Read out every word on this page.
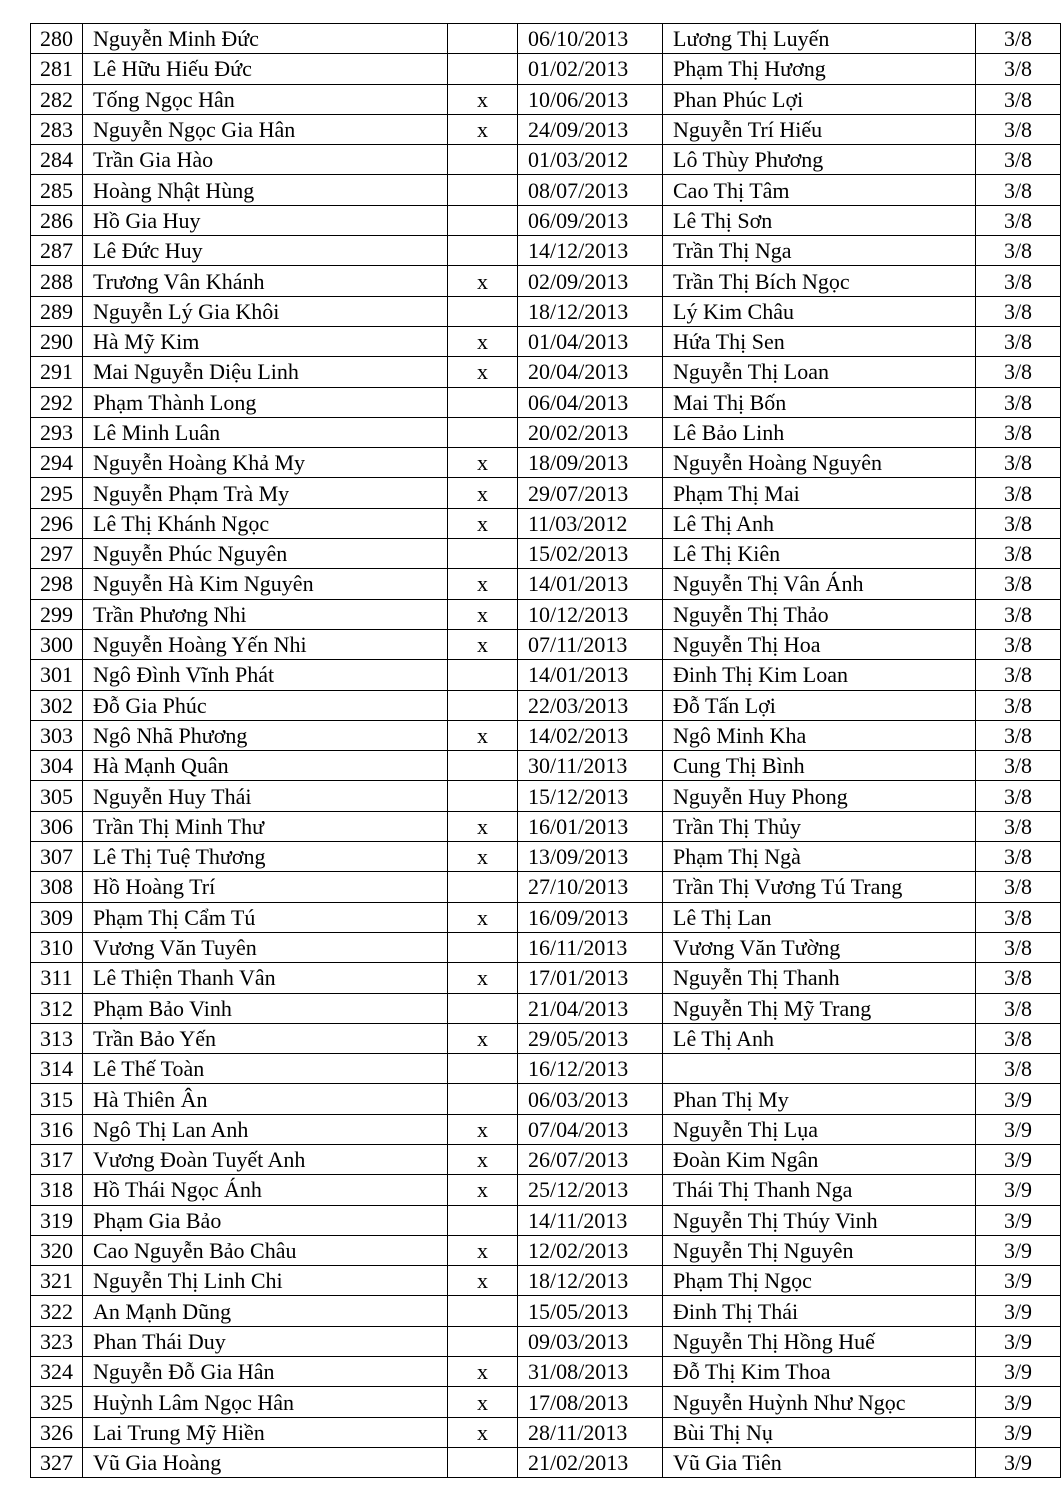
280	Nguyễn Minh Đức		06/10/2013	Lương Thị Luyến	3/8
281	Lê Hữu Hiếu Đức		01/02/2013	Phạm Thị Hương	3/8
282	Tống Ngọc Hân	x	10/06/2013	Phan Phúc Lợi	3/8
283	Nguyễn Ngọc Gia Hân	x	24/09/2013	Nguyễn Trí Hiếu	3/8
284	Trần Gia Hào		01/03/2012	Lô Thùy Phương	3/8
285	Hoàng Nhật Hùng		08/07/2013	Cao Thị Tâm	3/8
286	Hồ Gia Huy		06/09/2013	Lê Thị Sơn	3/8
287	Lê Đức Huy		14/12/2013	Trần Thị Nga	3/8
288	Trương Vân Khánh	x	02/09/2013	Trần Thị Bích Ngọc	3/8
289	Nguyễn Lý Gia Khôi		18/12/2013	Lý Kim Châu	3/8
290	Hà Mỹ Kim	x	01/04/2013	Hứa Thị Sen	3/8
291	Mai Nguyễn Diệu Linh	x	20/04/2013	Nguyễn Thị Loan	3/8
292	Phạm Thành Long		06/04/2013	Mai Thị Bốn	3/8
293	Lê Minh Luân		20/02/2013	Lê Bảo Linh	3/8
294	Nguyễn Hoàng Khả My	x	18/09/2013	Nguyễn Hoàng Nguyên	3/8
295	Nguyễn Phạm Trà My	x	29/07/2013	Phạm Thị Mai	3/8
296	Lê Thị Khánh Ngọc	x	11/03/2012	Lê Thị Anh	3/8
297	Nguyễn Phúc Nguyên		15/02/2013	Lê Thị Kiên	3/8
298	Nguyễn Hà Kim Nguyên	x	14/01/2013	Nguyễn Thị Vân Ánh	3/8
299	Trần Phương Nhi	x	10/12/2013	Nguyễn Thị Thảo	3/8
300	Nguyễn Hoàng Yến Nhi	x	07/11/2013	Nguyễn Thị Hoa	3/8
301	Ngô Đình Vĩnh Phát		14/01/2013	Đinh Thị Kim Loan	3/8
302	Đỗ Gia Phúc		22/03/2013	Đỗ Tấn Lợi	3/8
303	Ngô Nhã Phương	x	14/02/2013	Ngô Minh Kha	3/8
304	Hà Mạnh Quân		30/11/2013	Cung Thị Bình	3/8
305	Nguyễn Huy Thái		15/12/2013	Nguyễn Huy Phong	3/8
306	Trần Thị Minh Thư	x	16/01/2013	Trần Thị Thủy	3/8
307	Lê Thị Tuệ Thương	x	13/09/2013	Phạm Thị Ngà	3/8
308	Hồ Hoàng Trí		27/10/2013	Trần Thị Vương Tú Trang	3/8
309	Phạm Thị Cẩm Tú	x	16/09/2013	Lê Thị Lan	3/8
310	Vương Văn Tuyên		16/11/2013	Vương Văn Tường	3/8
311	Lê Thiện Thanh Vân	x	17/01/2013	Nguyễn Thị Thanh	3/8
312	Phạm Bảo Vinh		21/04/2013	Nguyễn Thị Mỹ Trang	3/8
313	Trần Bảo Yến	x	29/05/2013	Lê Thị Anh	3/8
314	Lê Thế Toàn		16/12/2013		3/8
315	Hà Thiên Ân		06/03/2013	Phan Thị My	3/9
316	Ngô Thị Lan Anh	x	07/04/2013	Nguyễn Thị Lụa	3/9
317	Vương Đoàn Tuyết Anh	x	26/07/2013	Đoàn Kim Ngân	3/9
318	Hồ Thái Ngọc Ánh	x	25/12/2013	Thái Thị Thanh Nga	3/9
319	Phạm Gia Bảo		14/11/2013	Nguyễn Thị Thúy Vinh	3/9
320	Cao Nguyễn Bảo Châu	x	12/02/2013	Nguyễn Thị Nguyên	3/9
321	Nguyễn Thị Linh Chi	x	18/12/2013	Phạm Thị Ngọc	3/9
322	An Mạnh Dũng		15/05/2013	Đinh Thị Thái	3/9
323	Phan Thái Duy		09/03/2013	Nguyễn Thị Hồng Huế	3/9
324	Nguyễn Đỗ Gia Hân	x	31/08/2013	Đỗ Thị Kim Thoa	3/9
325	Huỳnh Lâm Ngọc Hân	x	17/08/2013	Nguyễn Huỳnh Như Ngọc	3/9
326	Lai Trung Mỹ Hiền	x	28/11/2013	Bùi Thị Nụ	3/9
327	Vũ Gia Hoàng		21/02/2013	Vũ Gia Tiên	3/9
